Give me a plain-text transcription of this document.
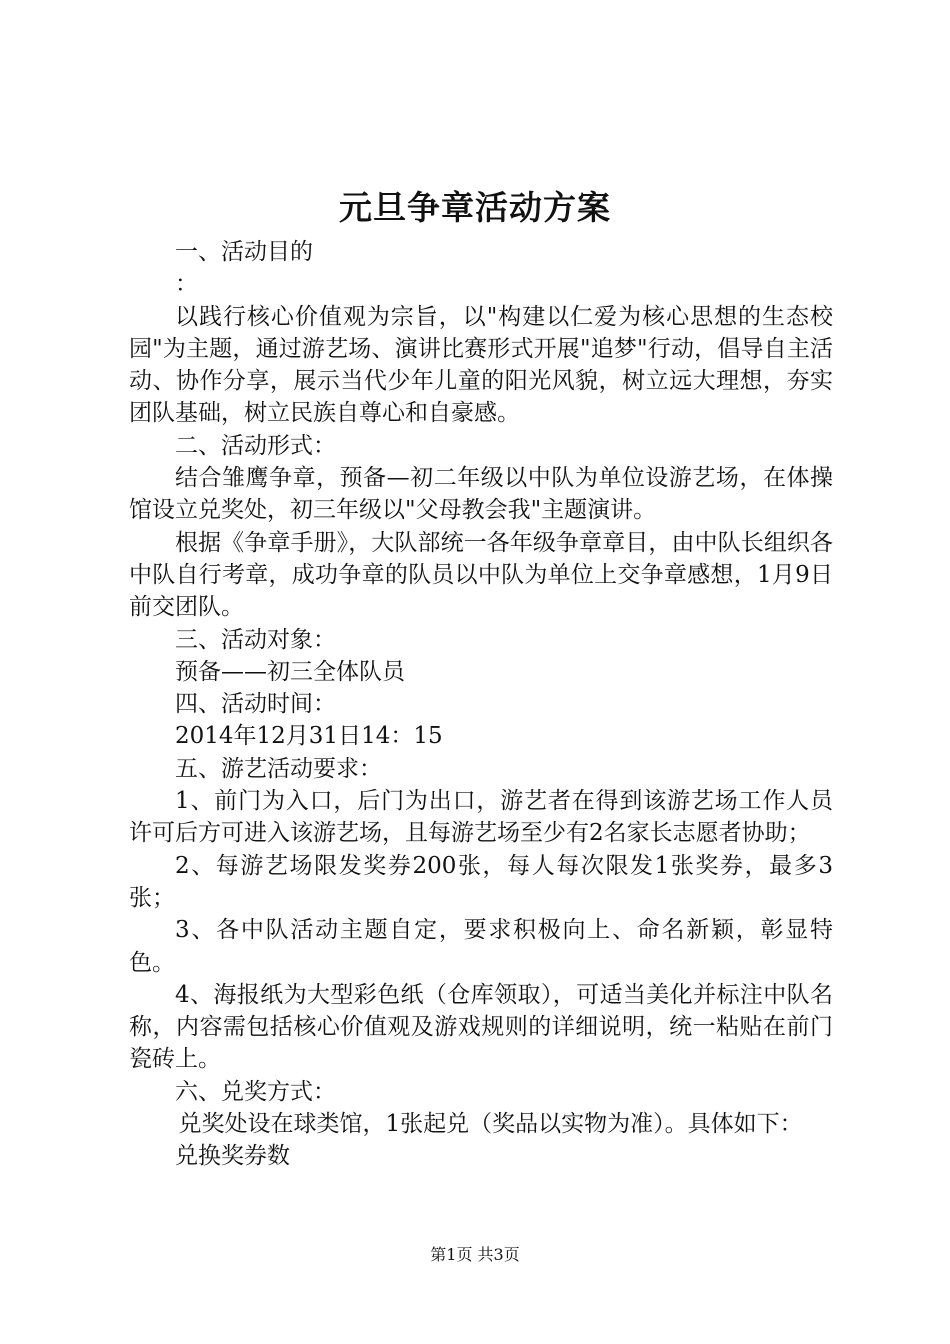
元旦争章活动方案

一、活动目的

：

以践行核心价值观为宗旨，以"构建以仁爱为核心思想的生态校园"为主题，通过游艺场、演讲比赛形式开展"追梦"行动，倡导自主活动、协作分享，展示当代少年儿童的阳光风貌，树立远大理想，夯实团队基础，树立民族自尊心和自豪感。

二、活动形式：

结合雏鹰争章，预备—初二年级以中队为单位设游艺场，在体操馆设立兑奖处，初三年级以"父母教会我"主题演讲。

根据《争章手册》，大队部统一各年级争章章目，由中队长组织各中队自行考章，成功争章的队员以中队为单位上交争章感想，1月9日前交团队。

三、活动对象：

预备——初三全体队员

四、活动时间：

2014年12月31日14：15

五、游艺活动要求：

1、前门为入口，后门为出口，游艺者在得到该游艺场工作人员许可后方可进入该游艺场，且每游艺场至少有2名家长志愿者协助；

2、每游艺场限发奖券200张，每人每次限发1张奖券，最多3张；

3、各中队活动主题自定，要求积极向上、命名新颖，彰显特色。

4、海报纸为大型彩色纸（仓库领取），可适当美化并标注中队名称，内容需包括核心价值观及游戏规则的详细说明，统一粘贴在前门瓷砖上。

六、兑奖方式：

兑奖处设在球类馆，1张起兑（奖品以实物为准）。具体如下：

兑换奖券数

第1页 共3页
